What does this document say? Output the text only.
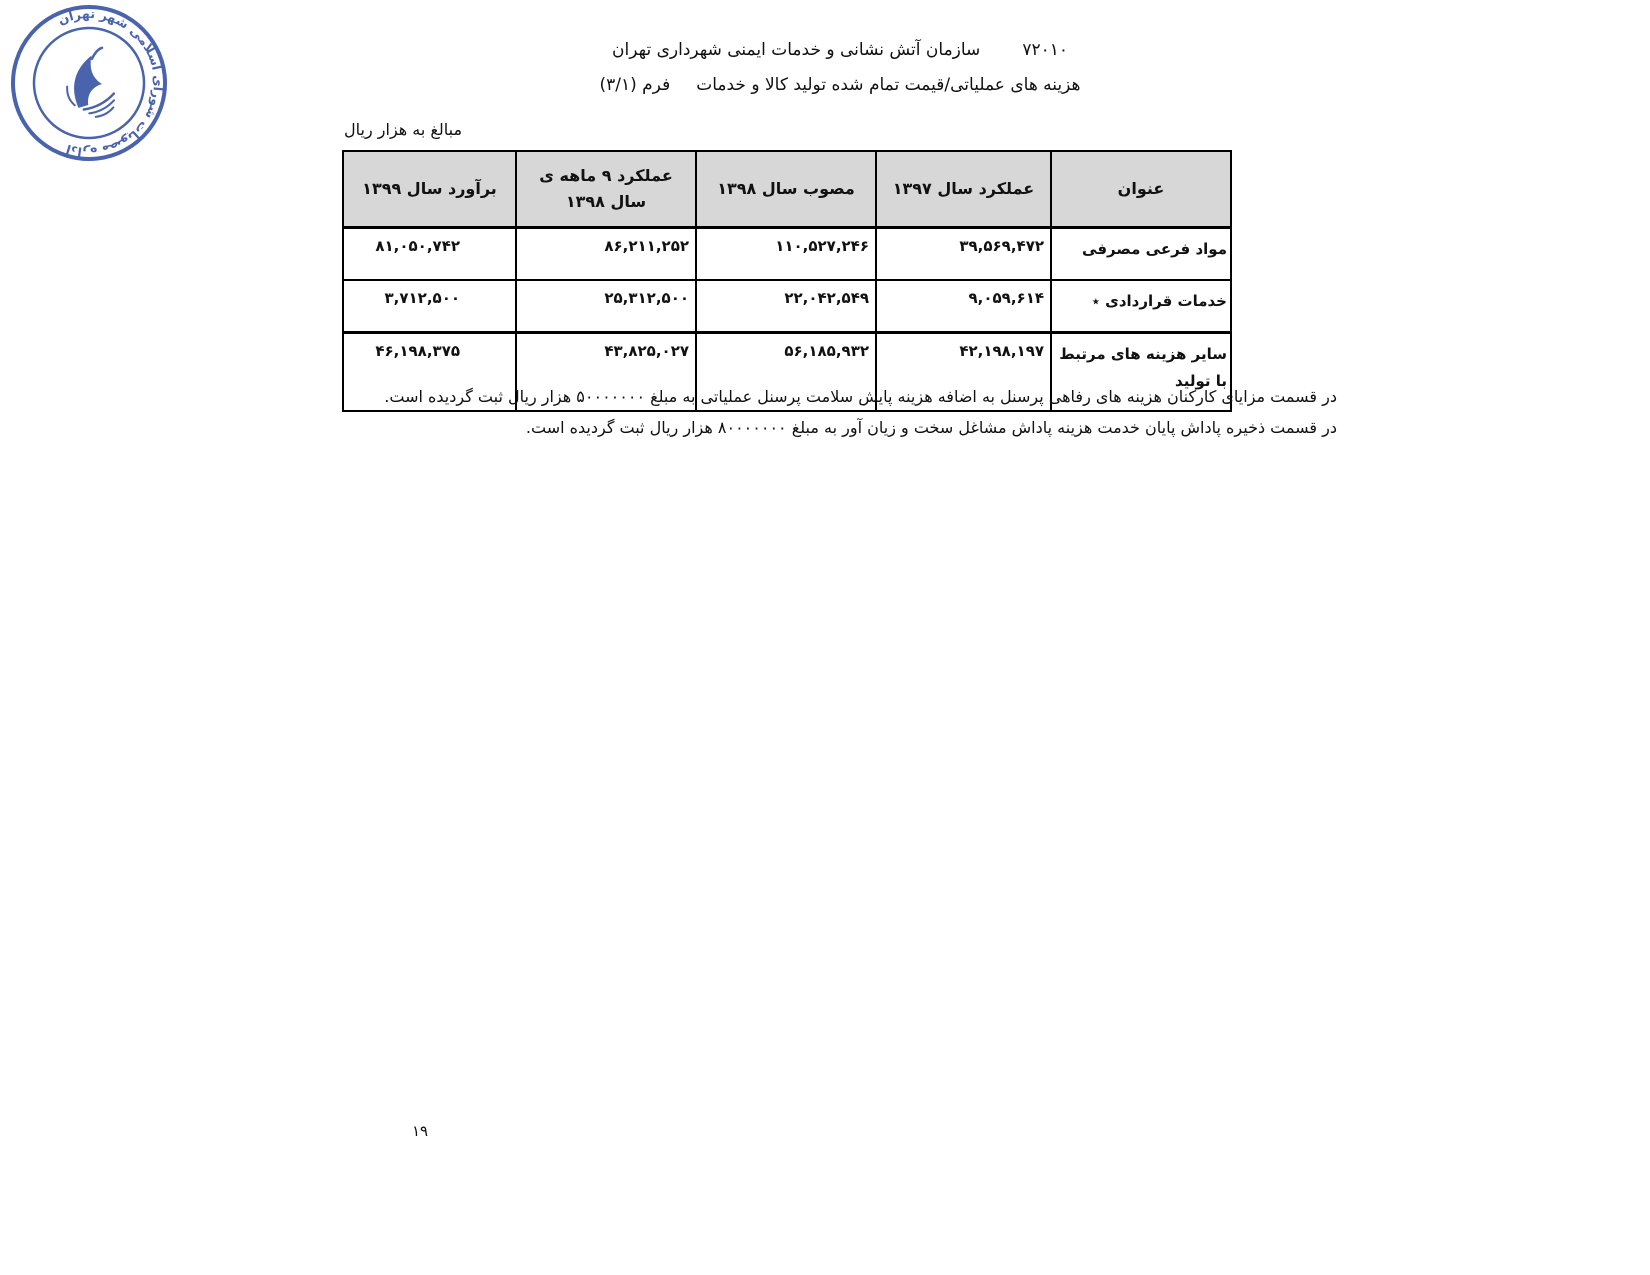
اداره مصوبات شورای اسلامی شهر تهران
۷۲۰۱۰
سازمان آتش نشانی و خدمات ایمنی شهرداری تهران
هزینه های عملیاتی/قیمت تمام شده تولید کالا و خدمات
فرم (۳/۱)
مبالغ به هزار ریال
عنوان	عملکرد سال ۱۳۹۷	مصوب سال ۱۳۹۸	عملکرد ۹ ماهه ی سال ۱۳۹۸	برآورد سال ۱۳۹۹
مواد فرعی مصرفی	۳۹,۵۶۹,۴۷۲	۱۱۰,۵۲۷,۲۴۶	۸۶,۲۱۱,۲۵۲	۸۱,۰۵۰,۷۴۲
خدمات قراردادی ٭	۹,۰۵۹,۶۱۴	۲۲,۰۴۲,۵۴۹	۲۵,۳۱۲,۵۰۰	۳,۷۱۲,۵۰۰
سایر هزینه های مرتبط با تولید	۴۲,۱۹۸,۱۹۷	۵۶,۱۸۵,۹۳۲	۴۳,۸۲۵,۰۲۷	۴۶,۱۹۸,۳۷۵
در قسمت مزایای کارکنان هزینه های رفاهی پرسنل به اضافه هزینه پایش سلامت پرسنل عملیاتی به مبلغ ۵۰۰۰۰۰۰۰ هزار ریال ثبت گردیده است.
در قسمت ذخیره پاداش پایان خدمت هزینه پاداش مشاغل سخت و زیان آور به مبلغ ۸۰۰۰۰۰۰۰ هزار ریال ثبت گردیده است.
۱۹
